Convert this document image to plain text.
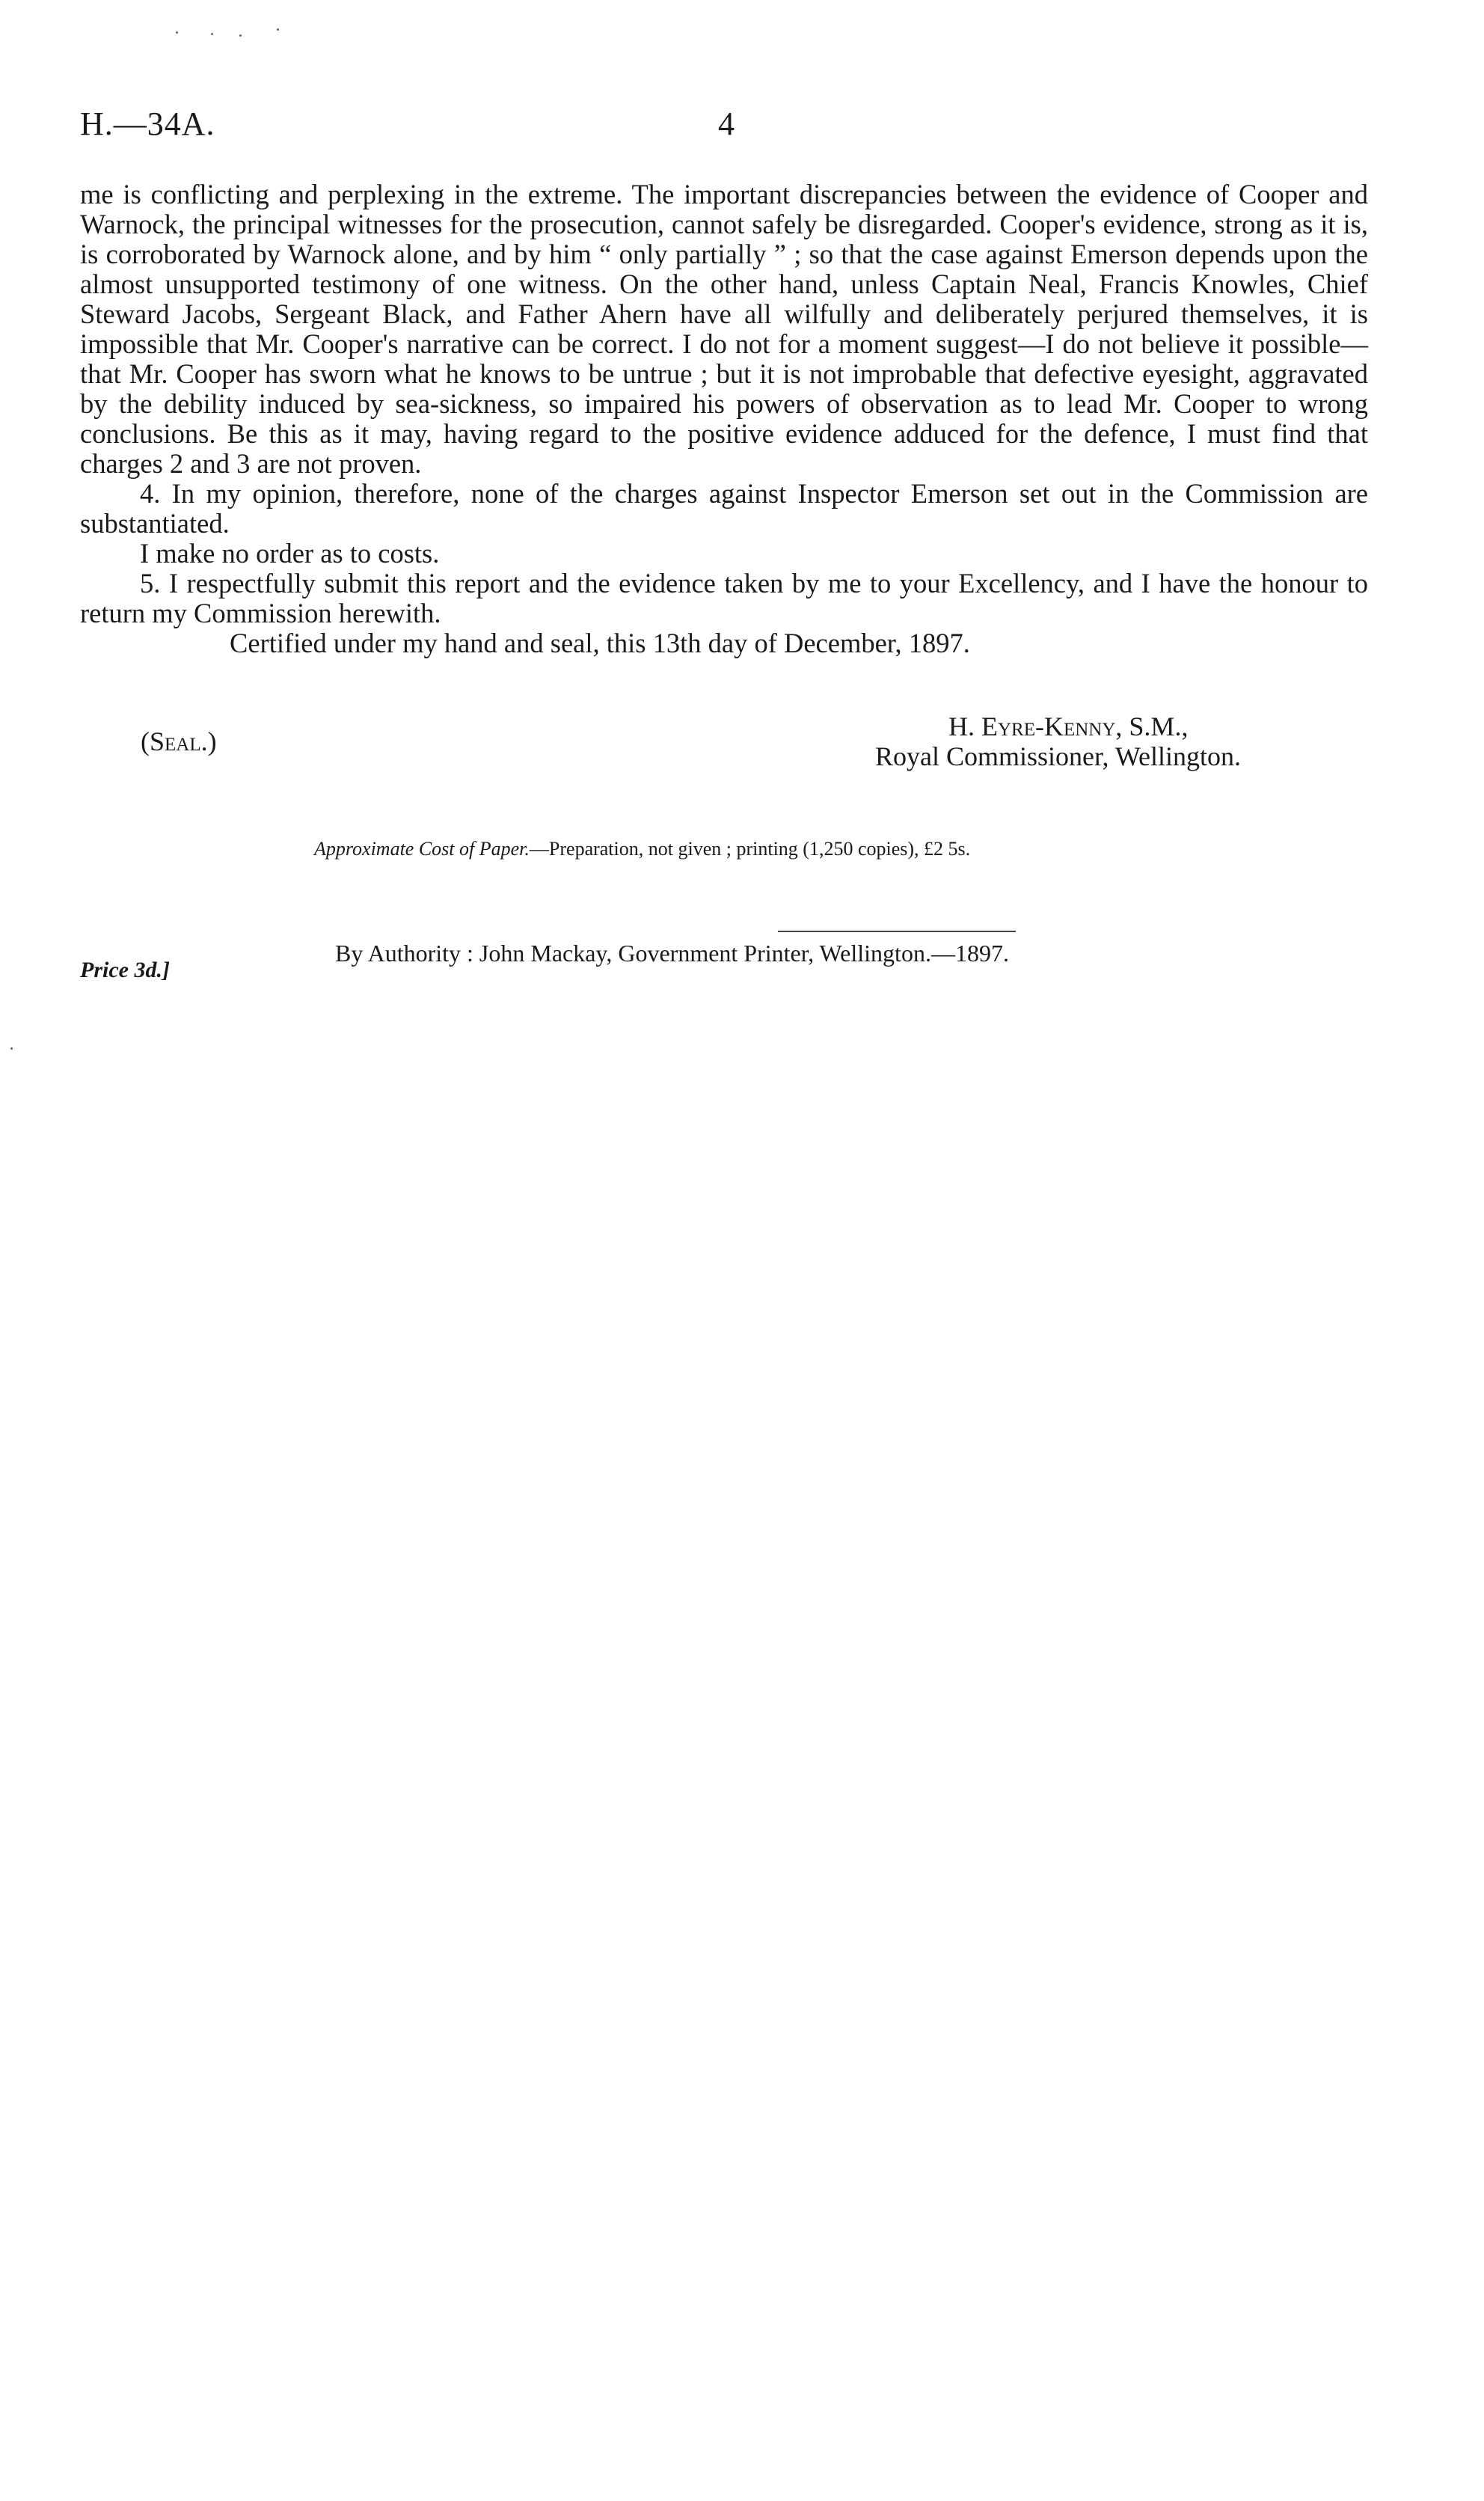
H.—34A.	4

me is conflicting and perplexing in the extreme. The important discrepancies between the evidence of Cooper and Warnock, the principal witnesses for the prosecution, cannot safely be disregarded. Cooper's evidence, strong as it is, is corroborated by Warnock alone, and by him “ only partially ” ; so that the case against Emerson depends upon the almost unsupported testimony of one witness. On the other hand, unless Captain Neal, Francis Knowles, Chief Steward Jacobs, Sergeant Black, and Father Ahern have all wilfully and deliberately perjured themselves, it is impossible that Mr. Cooper's narrative can be correct. I do not for a moment suggest—I do not believe it possible—that Mr. Cooper has sworn what he knows to be untrue ; but it is not improbable that defective eyesight, aggravated by the debility induced by sea-sickness, so impaired his powers of observation as to lead Mr. Cooper to wrong conclusions. Be this as it may, having regard to the positive evidence adduced for the defence, I must find that charges 2 and 3 are not proven.

4. In my opinion, therefore, none of the charges against Inspector Emerson set out in the Commission are substantiated.

I make no order as to costs.

5. I respectfully submit this report and the evidence taken by me to your Excellency, and I have the honour to return my Commission herewith.

Certified under my hand and seal, this 13th day of December, 1897.

(Seal.)	H. Eyre-Kenny, S.M.,
Royal Commissioner, Wellington.
Approximate Cost of Paper.—Preparation, not given ; printing (1,250 copies), £2 5s.
Price 3d.]
By Authority : John Mackay, Government Printer, Wellington.—1897.
